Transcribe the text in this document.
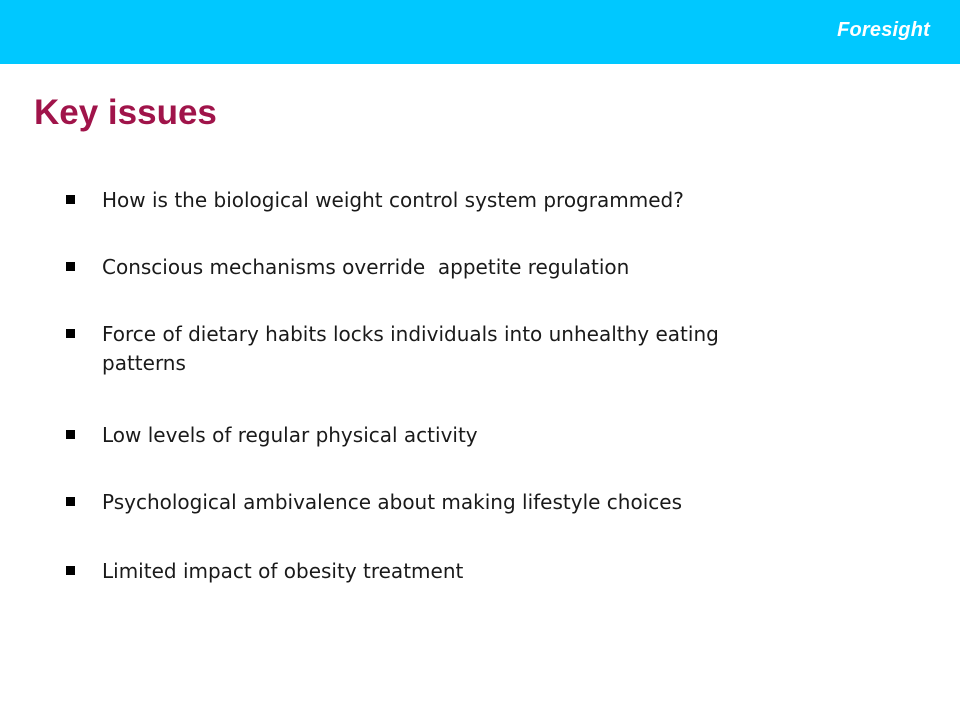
Foresight
Key issues
How is the biological weight control system programmed?
Conscious mechanisms override  appetite regulation
Force of dietary habits locks individuals into unhealthy eating
patterns
Low levels of regular physical activity
Psychological ambivalence about making lifestyle choices
Limited impact of obesity treatment
